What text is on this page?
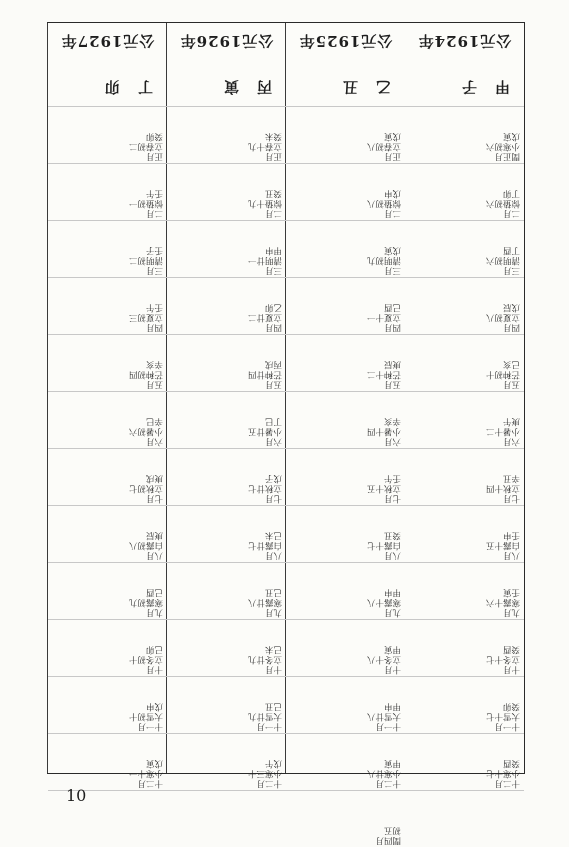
公元1924年
甲子
閏正月
小寒初六
戊寅
二月
惊蛰初六
丁卯
三月
清明初六
丁酉
四月
立夏初八
戊辰
五月
芒种初十
己亥
六月
小暑十二
庚午
七月
立秋十四
辛丑
八月
白露十五
壬申
九月
寒露十六
壬寅
十月
立冬十七
癸酉
十一月
大雪十七
癸卯
十二月
小寒十七
癸酉
公元1925年
乙丑
正月
立春初八
戊寅
二月
惊蛰初八
戊申
三月
清明初九
戊寅
四月
立夏十一
己酉
五月
芒种十二
庚辰
六月
小暑十四
辛亥
七月
立秋十五
壬午
八月
白露十七
癸丑
九月
寒露十八
甲申
十月
立冬十八
甲寅
十一月
大雪廿八
甲申
十二月
小寒廿八
甲寅
閏四月
初五
公元1926年
丙寅
正月
立春十九
癸未
二月
惊蛰十九
癸丑
三月
清明廿一
甲申
四月
立夏廿二
乙卯
五月
芒种廿四
丙戌
六月
小暑廿五
丁巳
七月
立秋廿七
戊子
八月
白露廿七
己未
九月
寒露廿八
己丑
十月
立冬廿九
己未
十一月
大雪廿九
己丑
十二月
小寒三十
戊午
公元1927年
丁卯
正月
立春初二
癸卯
二月
惊蛰初一
壬午
三月
清明初二
壬子
四月
立夏初三
壬午
五月
芒种初四
辛亥
六月
小暑初六
辛巳
七月
立秋初七
庚戌
八月
白露初八
庚辰
九月
寒露初九
己酉
十月
立冬初十
己卯
十一月
大雪初十
戊申
十二月
小寒十一
戊寅
10
